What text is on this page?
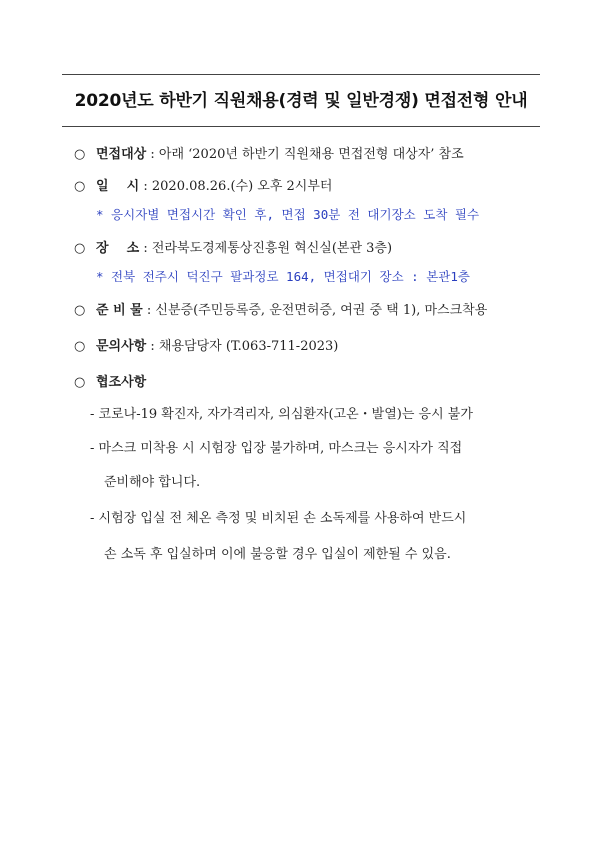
2020년도 하반기 직원채용(경력 및 일반경쟁) 면접전형 안내
○ 면접대상 : 아래 ‘2020년 하반기 직원채용 면접전형 대상자’ 참조
○ 일    시 : 2020.08.26.(수) 오후 2시부터
* 응시자별 면접시간 확인 후, 면접 30분 전 대기장소 도착 필수
○ 장    소 : 전라북도경제통상진흥원 혁신실(본관 3층)
* 전북 전주시 덕진구 팔과정로 164, 면접대기 장소 : 본관1층
○ 준 비 물 : 신분증(주민등록증, 운전면허증, 여권 중 택 1), 마스크착용
○ 문의사항 : 채용담당자 (T.063-711-2023)
○ 협조사항
- 코로나-19 확진자, 자가격리자, 의심환자(고온・발열)는 응시 불가
- 마스크 미착용 시 시험장 입장 불가하며, 마스크는 응시자가 직접
준비해야 합니다.
- 시험장 입실 전 체온 측정 및 비치된 손 소독제를 사용하여 반드시
손 소독 후 입실하며 이에 불응할 경우 입실이 제한될 수 있음.
